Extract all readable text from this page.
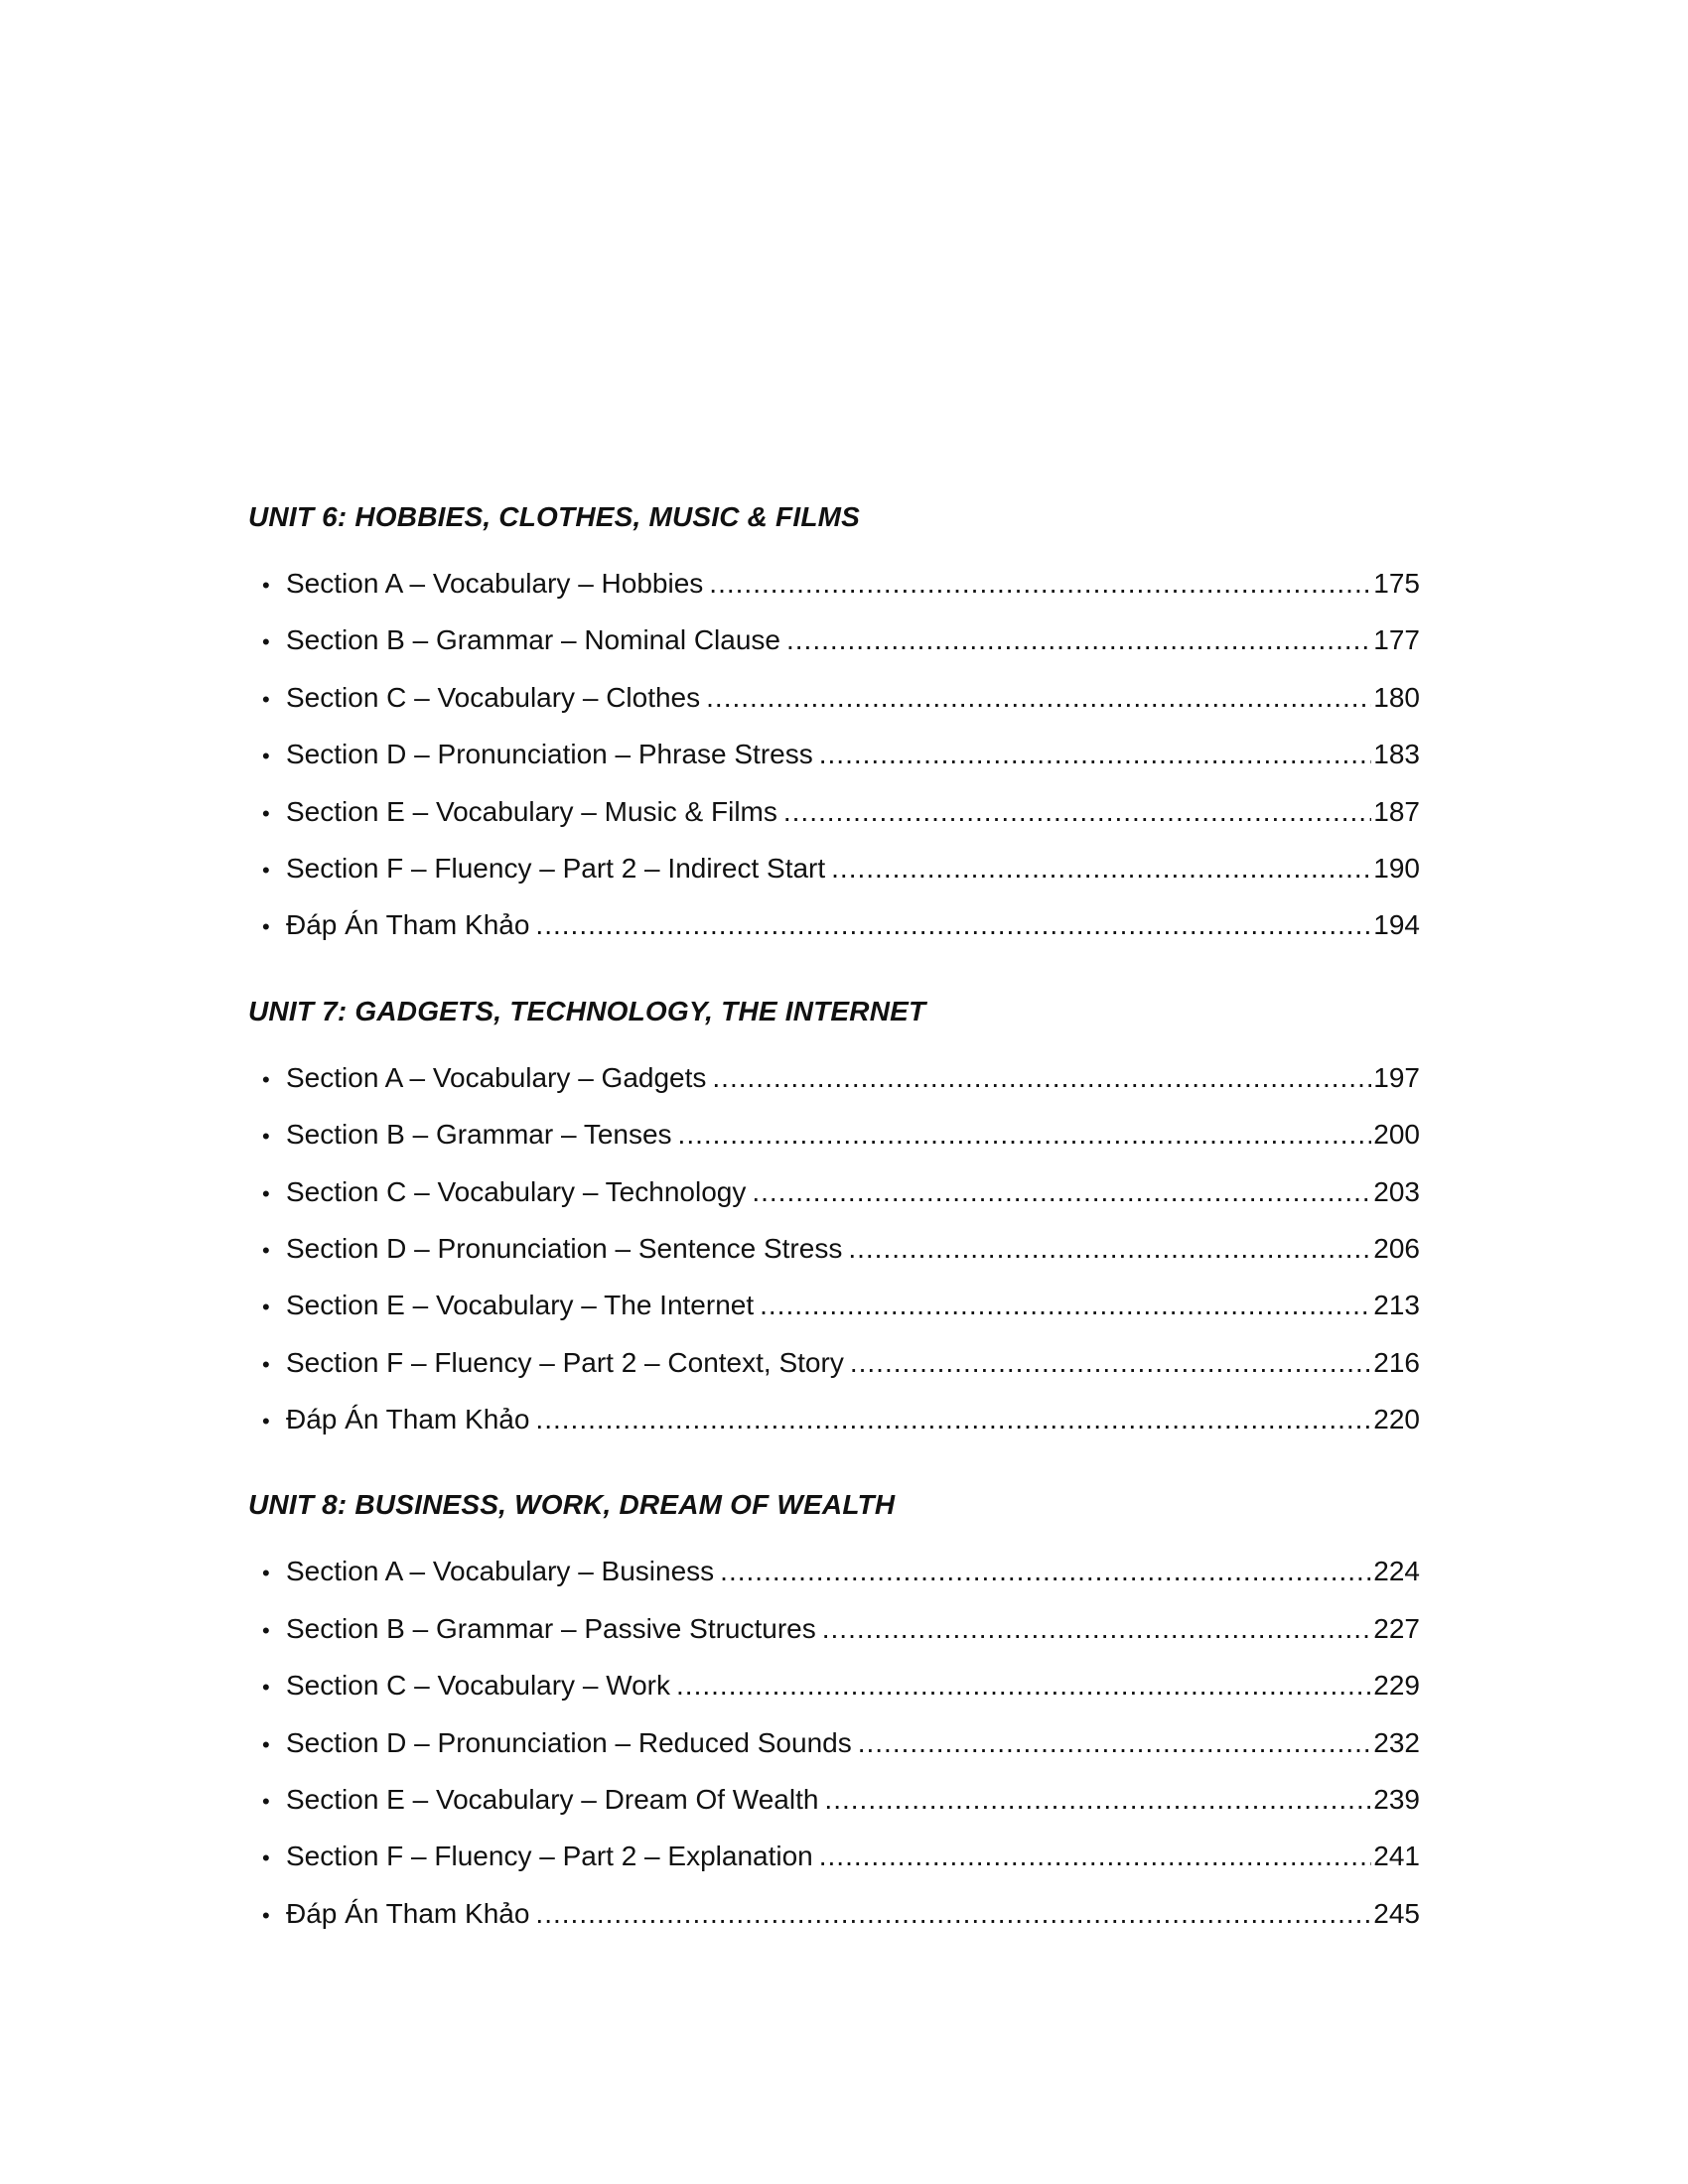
UNIT 6: HOBBIES, CLOTHES, MUSIC & FILMS
• Section A – Vocabulary – Hobbies .....	175
• Section B – Grammar – Nominal Clause .....	177
• Section C – Vocabulary – Clothes .....	180
• Section D – Pronunciation – Phrase Stress .....	183
• Section E – Vocabulary – Music & Films .....	187
• Section F – Fluency – Part 2 – Indirect Start .....	190
• Đáp Án Tham Khảo .....	194
UNIT 7: GADGETS, TECHNOLOGY, THE INTERNET
• Section A – Vocabulary – Gadgets .....	197
• Section B – Grammar – Tenses .....	200
• Section C – Vocabulary – Technology .....	203
• Section D – Pronunciation – Sentence Stress .....	206
• Section E – Vocabulary – The Internet .....	213
• Section F – Fluency – Part 2 – Context, Story .....	216
• Đáp Án Tham Khảo .....	220
UNIT 8: BUSINESS, WORK, DREAM OF WEALTH
• Section A – Vocabulary – Business .....	224
• Section B – Grammar – Passive Structures .....	227
• Section C – Vocabulary – Work .....	229
• Section D – Pronunciation – Reduced Sounds .....	232
• Section E – Vocabulary – Dream Of Wealth .....	239
• Section F – Fluency – Part 2 – Explanation .....	241
• Đáp Án Tham Khảo .....	245
